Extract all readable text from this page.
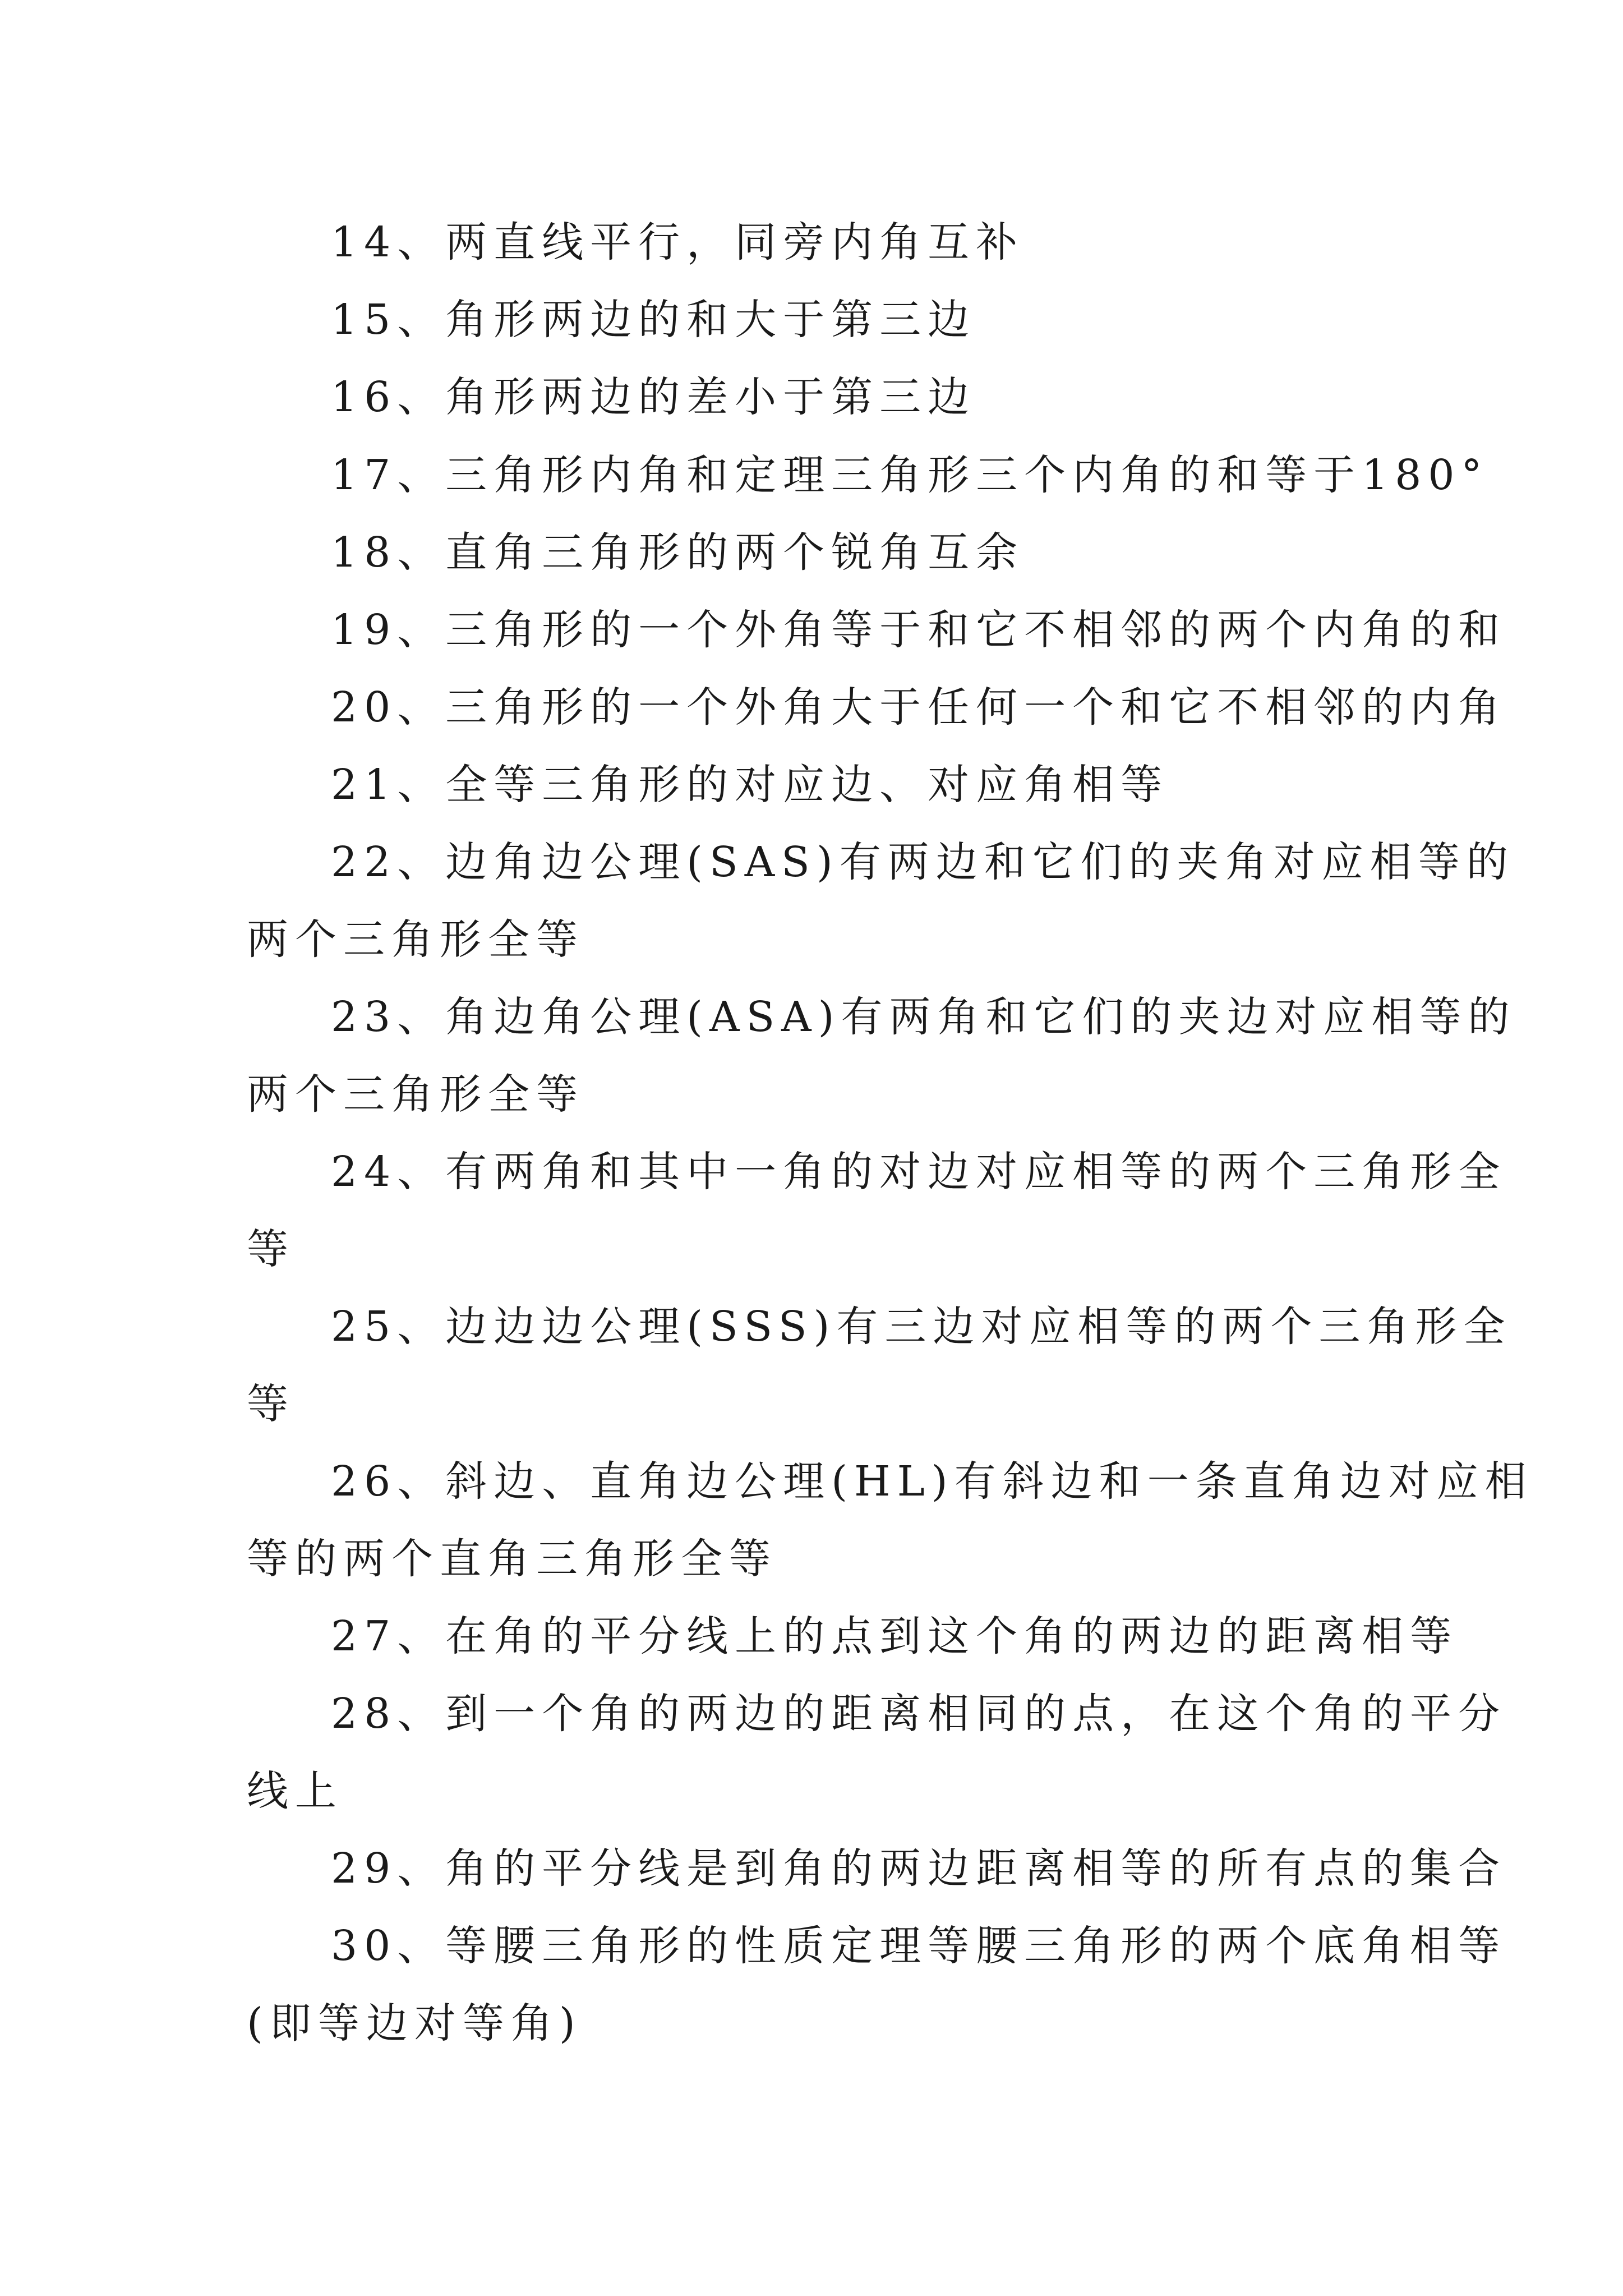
14、两直线平行，同旁内角互补
15、角形两边的和大于第三边
16、角形两边的差小于第三边
17、三角形内角和定理三角形三个内角的和等于180°
18、直角三角形的两个锐角互余
19、三角形的一个外角等于和它不相邻的两个内角的和
20、三角形的一个外角大于任何一个和它不相邻的内角
21、全等三角形的对应边、对应角相等
22、边角边公理(SAS)有两边和它们的夹角对应相等的
两个三角形全等
23、角边角公理(ASA)有两角和它们的夹边对应相等的
两个三角形全等
24、有两角和其中一角的对边对应相等的两个三角形全
等
25、边边边公理(SSS)有三边对应相等的两个三角形全
等
26、斜边、直角边公理(HL)有斜边和一条直角边对应相
等的两个直角三角形全等
27、在角的平分线上的点到这个角的两边的距离相等
28、到一个角的两边的距离相同的点，在这个角的平分
线上
29、角的平分线是到角的两边距离相等的所有点的集合
30、等腰三角形的性质定理等腰三角形的两个底角相等
(即等边对等角)
